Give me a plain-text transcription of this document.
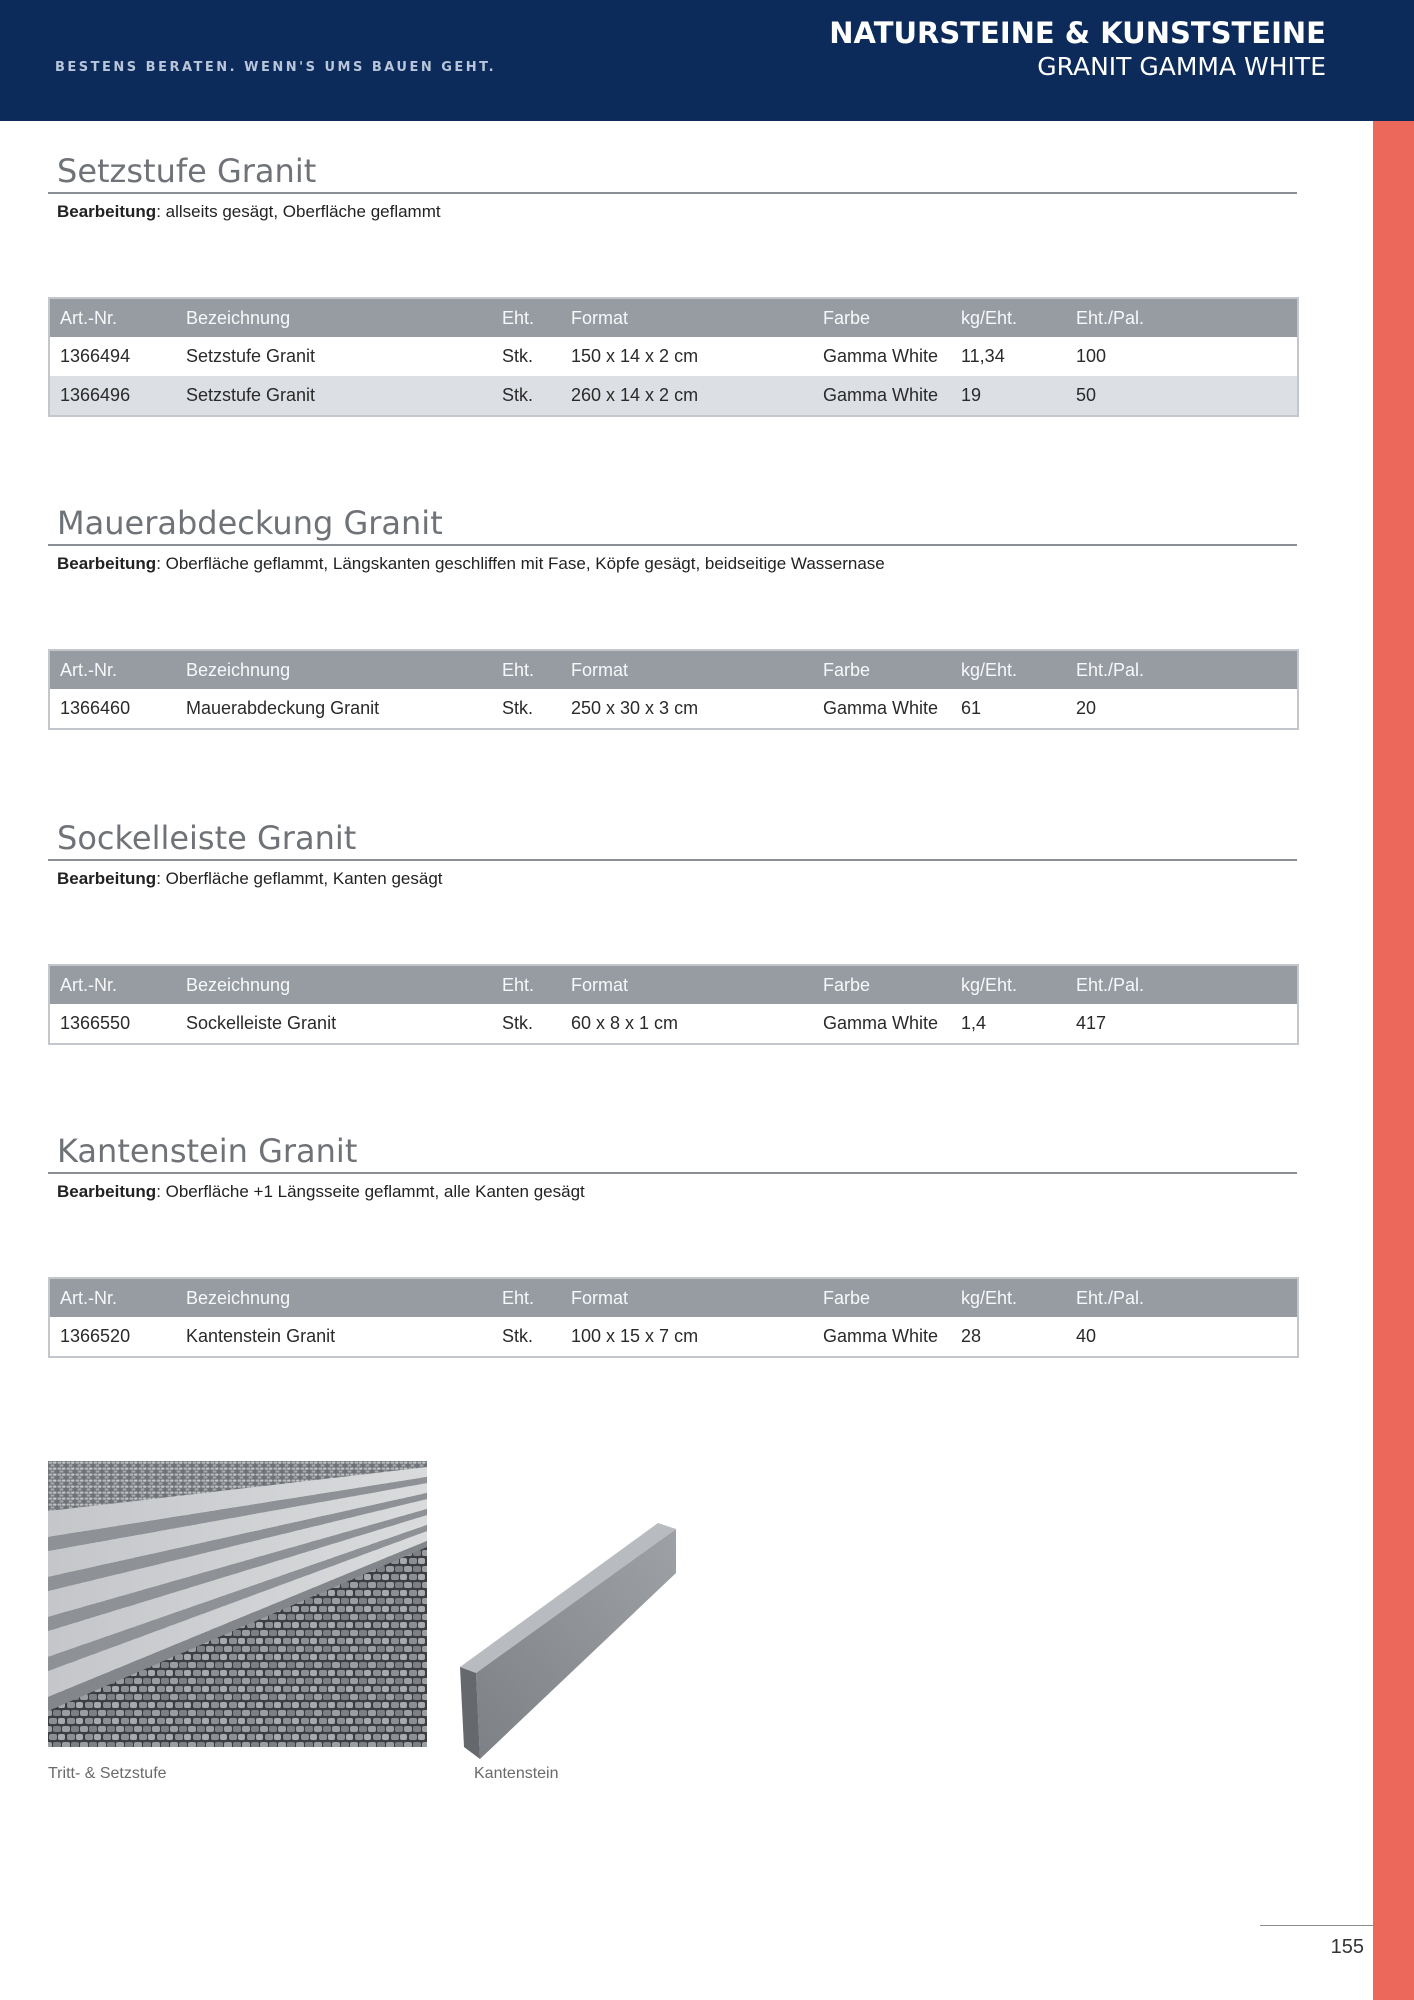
BESTENS BERATEN. WENN'S UMS BAUEN GEHT.
NATURSTEINE & KUNSTSTEINE
GRANIT GAMMA WHITE
Setzstufe Granit
Bearbeitung: allseits gesägt, Oberfläche geflammt
Art.-Nr.	Bezeichnung	Eht.	Format	Farbe	kg/Eht.	Eht./Pal.
1366494	Setzstufe Granit	Stk.	150 x 14 x 2 cm	Gamma White	11,34	100
1366496	Setzstufe Granit	Stk.	260 x 14 x 2 cm	Gamma White	19	50
Mauerabdeckung Granit
Bearbeitung: Oberfläche geflammt, Längskanten geschliffen mit Fase, Köpfe gesägt, beidseitige Wassernase
Art.-Nr.	Bezeichnung	Eht.	Format	Farbe	kg/Eht.	Eht./Pal.
1366460	Mauerabdeckung Granit	Stk.	250 x 30 x 3 cm	Gamma White	61	20
Sockelleiste Granit
Bearbeitung: Oberfläche geflammt, Kanten gesägt
Art.-Nr.	Bezeichnung	Eht.	Format	Farbe	kg/Eht.	Eht./Pal.
1366550	Sockelleiste Granit	Stk.	60 x 8 x 1 cm	Gamma White	1,4	417
Kantenstein Granit
Bearbeitung: Oberfläche +1 Längsseite geflammt, alle Kanten gesägt
Art.-Nr.	Bezeichnung	Eht.	Format	Farbe	kg/Eht.	Eht./Pal.
1366520	Kantenstein Granit	Stk.	100 x 15 x 7 cm	Gamma White	28	40
Tritt- & Setzstufe	Kantenstein
155
